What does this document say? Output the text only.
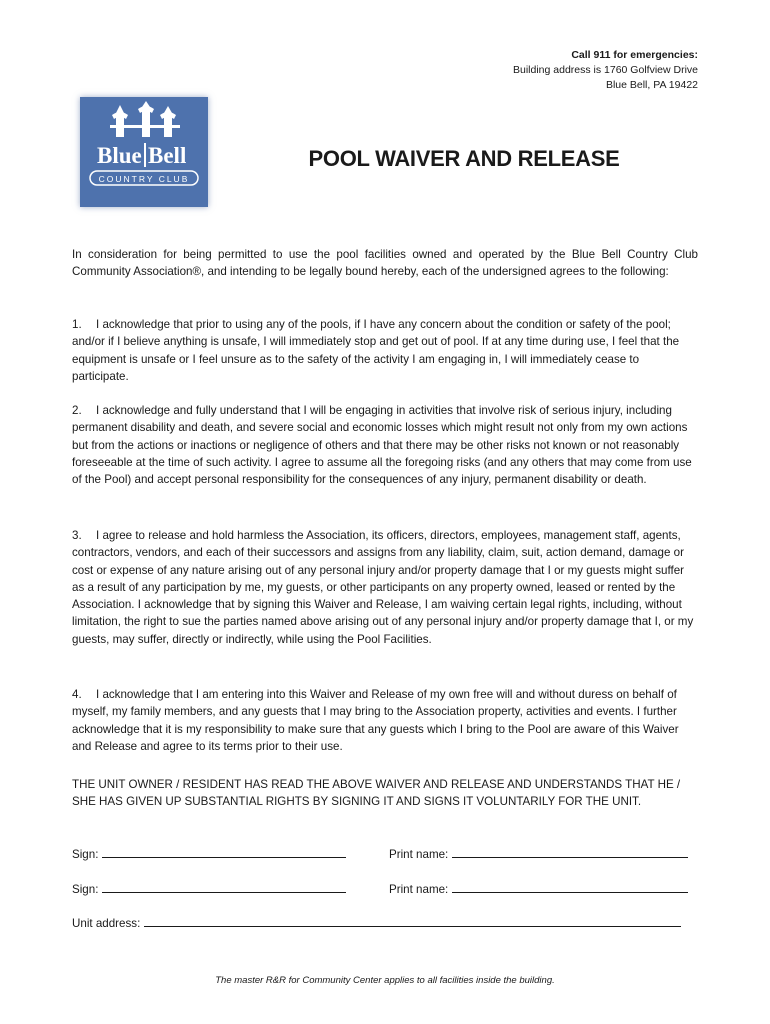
Call 911 for emergencies:
Building address is 1760 Golfview Drive
Blue Bell, PA 19422
Blue Bell
COUNTRY CLUB
POOL WAIVER AND RELEASE
In consideration for being permitted to use the pool facilities owned and operated by the Blue Bell Country Club Community Association®, and intending to be legally bound hereby, each of the undersigned agrees to the following:
1. I acknowledge that prior to using any of the pools, if I have any concern about the condition or safety of the pool; and/or if I believe anything is unsafe, I will immediately stop and get out of pool. If at any time during use, I feel that the equipment is unsafe or I feel unsure as to the safety of the activity I am engaging in, I will immediately cease to participate.
2. I acknowledge and fully understand that I will be engaging in activities that involve risk of serious injury, including permanent disability and death, and severe social and economic losses which might result not only from my own actions but from the actions or inactions or negligence of others and that there may be other risks not known or not reasonably foreseeable at the time of such activity. I agree to assume all the foregoing risks (and any others that may come from use of the Pool) and accept personal responsibility for the consequences of any injury, permanent disability or death.
3. I agree to release and hold harmless the Association, its officers, directors, employees, management staff, agents, contractors, vendors, and each of their successors and assigns from any liability, claim, suit, action demand, damage or cost or expense of any nature arising out of any personal injury and/or property damage that I or my guests might suffer as a result of any participation by me, my guests, or other participants on any property owned, leased or rented by the Association. I acknowledge that by signing this Waiver and Release, I am waiving certain legal rights, including, without limitation, the right to sue the parties named above arising out of any personal injury and/or property damage that I, or my guests, may suffer, directly or indirectly, while using the Pool Facilities.
4. I acknowledge that I am entering into this Waiver and Release of my own free will and without duress on behalf of myself, my family members, and any guests that I may bring to the Association property, activities and events. I further acknowledge that it is my responsibility to make sure that any guests which I bring to the Pool are aware of this Waiver and Release and agree to its terms prior to their use.
THE UNIT OWNER / RESIDENT HAS READ THE ABOVE WAIVER AND RELEASE AND UNDERSTANDS THAT HE / SHE HAS GIVEN UP SUBSTANTIAL RIGHTS BY SIGNING IT AND SIGNS IT VOLUNTARILY FOR THE UNIT.
Sign:	Print name:
Sign:	Print name:
Unit address:
The master R&R for Community Center applies to all facilities inside the building.
